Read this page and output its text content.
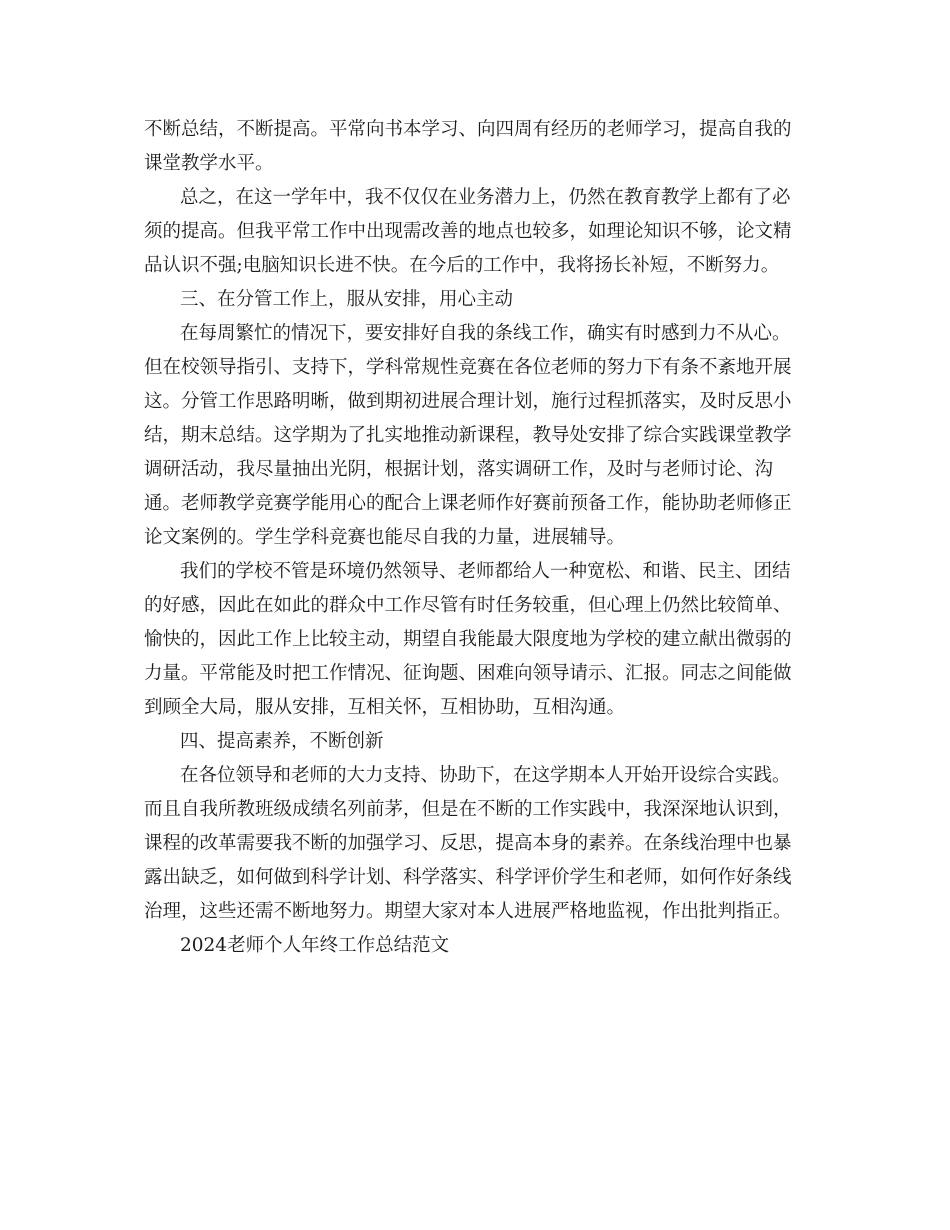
不断总结，不断提高。平常向书本学习、向四周有经历的老师学习，提高自我的
课堂教学水平。
总之，在这一学年中，我不仅仅在业务潜力上，仍然在教育教学上都有了必
须的提高。但我平常工作中出现需改善的地点也较多，如理论知识不够，论文精
品认识不强;电脑知识长进不快。在今后的工作中，我将扬长补短，不断努力。
三、在分管工作上，服从安排，用心主动
在每周繁忙的情况下，要安排好自我的条线工作，确实有时感到力不从心。
但在校领导指引、支持下，学科常规性竞赛在各位老师的努力下有条不紊地开展
这。分管工作思路明晰，做到期初进展合理计划，施行过程抓落实，及时反思小
结，期末总结。这学期为了扎实地推动新课程，教导处安排了综合实践课堂教学
调研活动，我尽量抽出光阴，根据计划，落实调研工作，及时与老师讨论、沟
通。老师教学竞赛学能用心的配合上课老师作好赛前预备工作，能协助老师修正
论文案例的。学生学科竞赛也能尽自我的力量，进展辅导。
我们的学校不管是环境仍然领导、老师都给人一种宽松、和谐、民主、团结
的好感，因此在如此的群众中工作尽管有时任务较重，但心理上仍然比较简单、
愉快的，因此工作上比较主动，期望自我能最大限度地为学校的建立献出微弱的
力量。平常能及时把工作情况、征询题、困难向领导请示、汇报。同志之间能做
到顾全大局，服从安排，互相关怀，互相协助，互相沟通。
四、提高素养，不断创新
在各位领导和老师的大力支持、协助下，在这学期本人开始开设综合实践。
而且自我所教班级成绩名列前茅，但是在不断的工作实践中，我深深地认识到，
课程的改革需要我不断的加强学习、反思，提高本身的素养。在条线治理中也暴
露出缺乏，如何做到科学计划、科学落实、科学评价学生和老师，如何作好条线
治理，这些还需不断地努力。期望大家对本人进展严格地监视，作出批判指正。
2024老师个人年终工作总结范文
